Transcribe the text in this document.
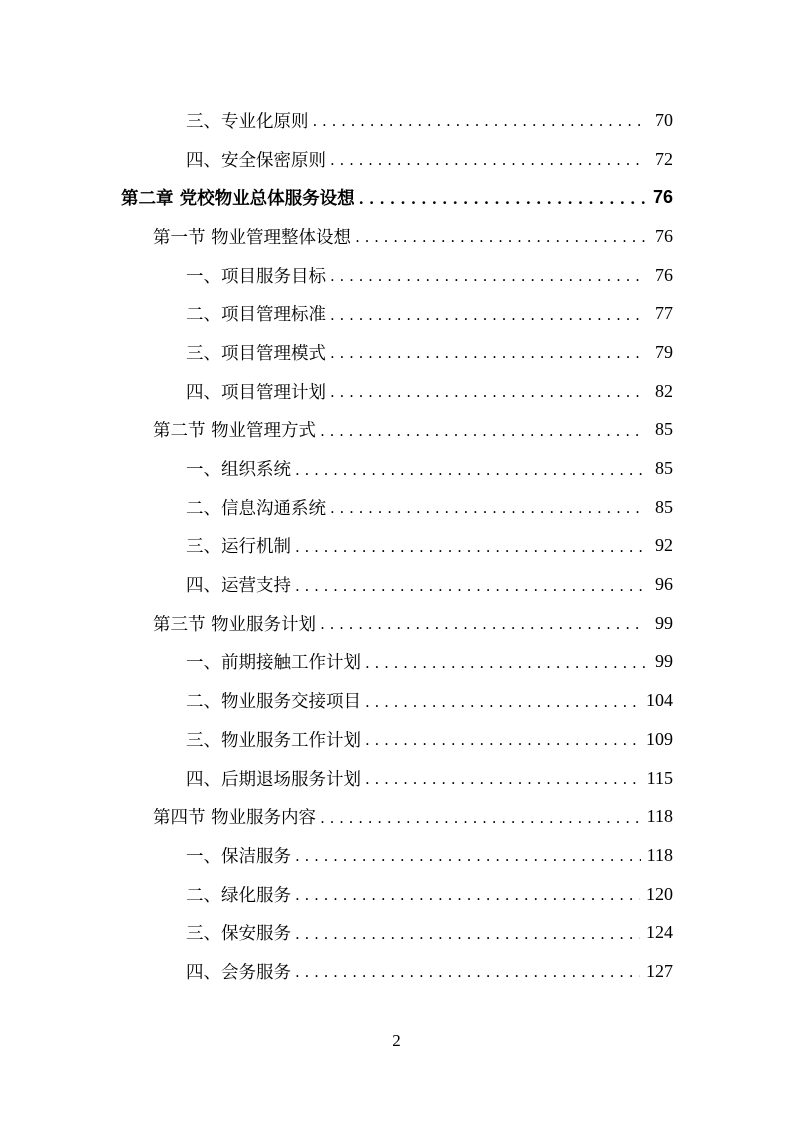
三、专业化原则 . . .	70
四、安全保密原则 . . .	72
第二章 党校物业总体服务设想 . . .	76
第一节 物业管理整体设想 . . .	76
一、项目服务目标 . . .	76
二、项目管理标准 . . .	77
三、项目管理模式 . . .	79
四、项目管理计划 . . .	82
第二节 物业管理方式 . . .	85
一、组织系统 . . .	85
二、信息沟通系统 . . .	85
三、运行机制 . . .	92
四、运营支持 . . .	96
第三节 物业服务计划 . . .	99
一、前期接触工作计划 . . .	99
二、物业服务交接项目 . . .	104
三、物业服务工作计划 . . .	109
四、后期退场服务计划 . . .	115
第四节 物业服务内容 . . .	118
一、保洁服务 . . .	118
二、绿化服务 . . .	120
三、保安服务 . . .	124
四、会务服务 . . .	127
2
